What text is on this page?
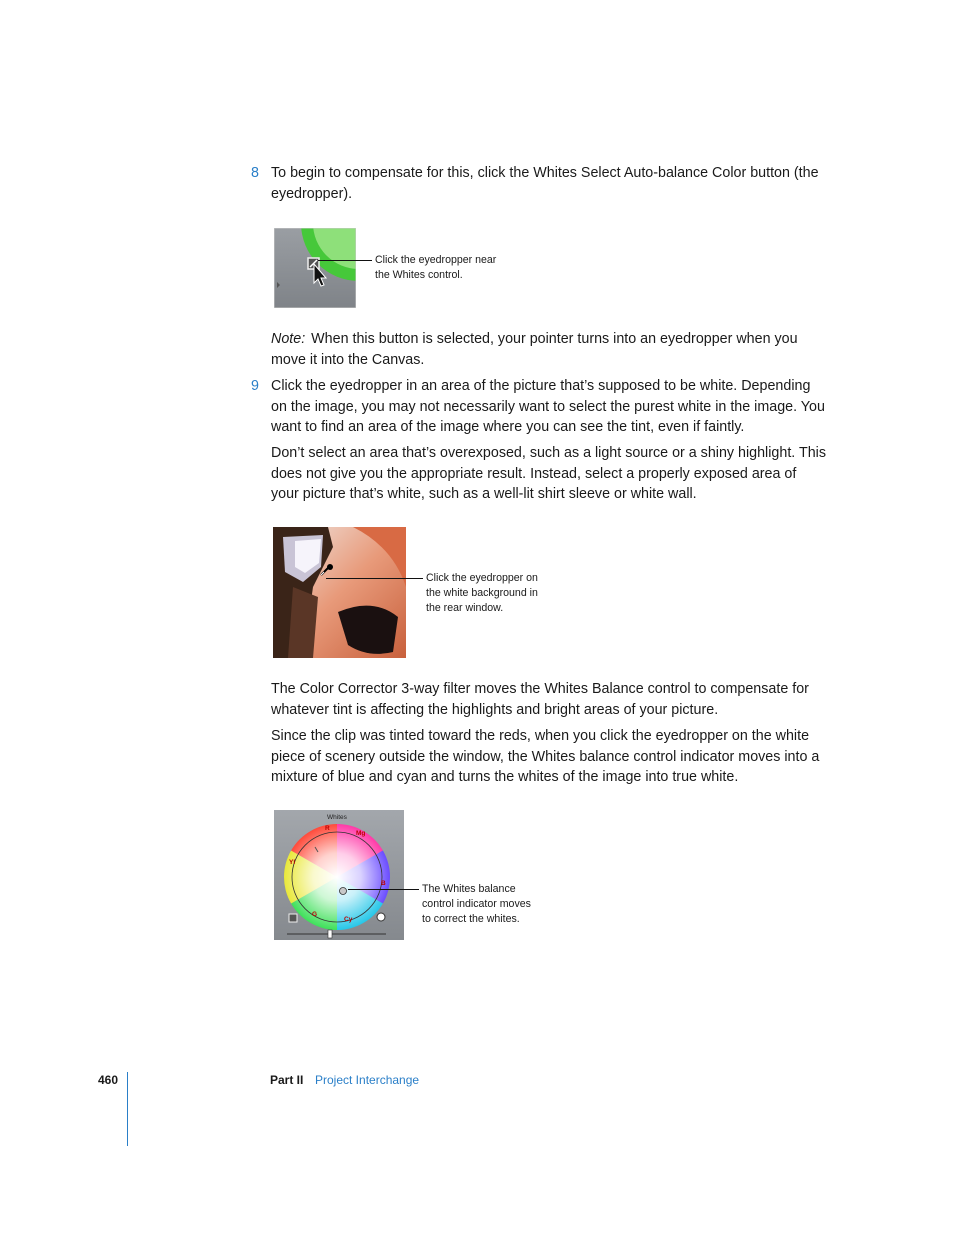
8 To begin to compensate for this, click the Whites Select Auto-balance Color button (the eyedropper).

Click the eyedropper near
the Whites control.

Note: When this button is selected, your pointer turns into an eyedropper when you move it into the Canvas.

9 Click the eyedropper in an area of the picture that’s supposed to be white. Depending on the image, you may not necessarily want to select the purest white in the image. You want to find an area of the image where you can see the tint, even if faintly.

Don’t select an area that’s overexposed, such as a light source or a shiny highlight. This does not give you the appropriate result. Instead, select a properly exposed area of your picture that’s white, such as a well-lit shirt sleeve or white wall.

Click the eyedropper on
the white background in
the rear window.

The Color Corrector 3-way filter moves the Whites Balance control to compensate for whatever tint is affecting the highlights and bright areas of your picture.

Since the clip was tinted toward the reds, when you click the eyedropper on the white piece of scenery outside the window, the Whites balance control indicator moves into a mixture of blue and cyan and turns the whites of the image into true white.

Whites
R
Mg
Yl
B
G
Cy
The Whites balance
control indicator moves
to correct the whites.
460	Part II Project Interchange
